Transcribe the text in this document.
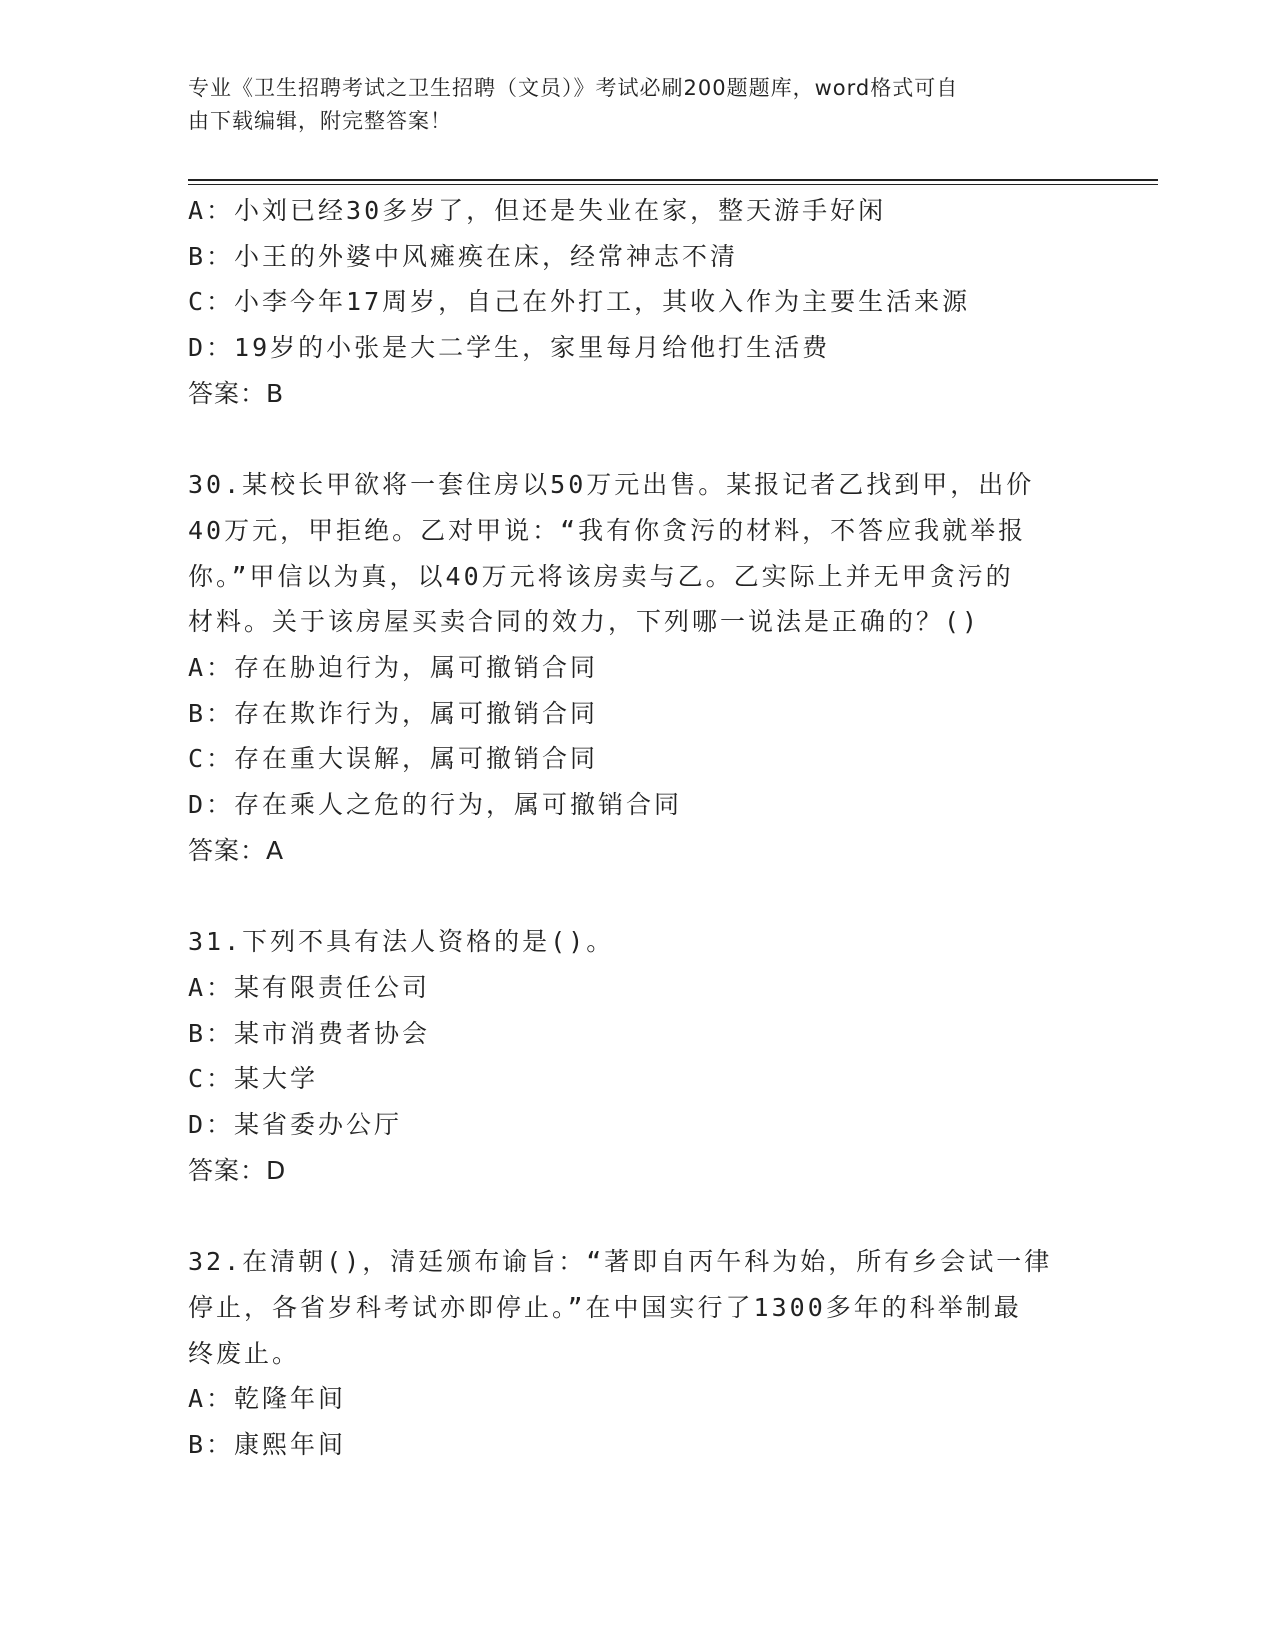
专业《卫生招聘考试之卫生招聘（文员）》考试必刷200题题库，word格式可自
由下载编辑，附完整答案！
A：小刘已经30多岁了，但还是失业在家，整天游手好闲
B：小王的外婆中风瘫痪在床，经常神志不清
C：小李今年17周岁，自己在外打工，其收入作为主要生活来源
D：19岁的小张是大二学生，家里每月给他打生活费
答案：B
30.某校长甲欲将一套住房以50万元出售。某报记者乙找到甲，出价
40万元，甲拒绝。乙对甲说：“我有你贪污的材料，不答应我就举报
你。”甲信以为真，以40万元将该房卖与乙。乙实际上并无甲贪污的
材料。关于该房屋买卖合同的效力，下列哪一说法是正确的？()
A：存在胁迫行为，属可撤销合同
B：存在欺诈行为，属可撤销合同
C：存在重大误解，属可撤销合同
D：存在乘人之危的行为，属可撤销合同
答案：A
31.下列不具有法人资格的是()。
A：某有限责任公司
B：某市消费者协会
C：某大学
D：某省委办公厅
答案：D
32.在清朝()，清廷颁布谕旨：“著即自丙午科为始，所有乡会试一律
停止，各省岁科考试亦即停止。”在中国实行了1300多年的科举制最
终废止。
A：乾隆年间
B：康熙年间
